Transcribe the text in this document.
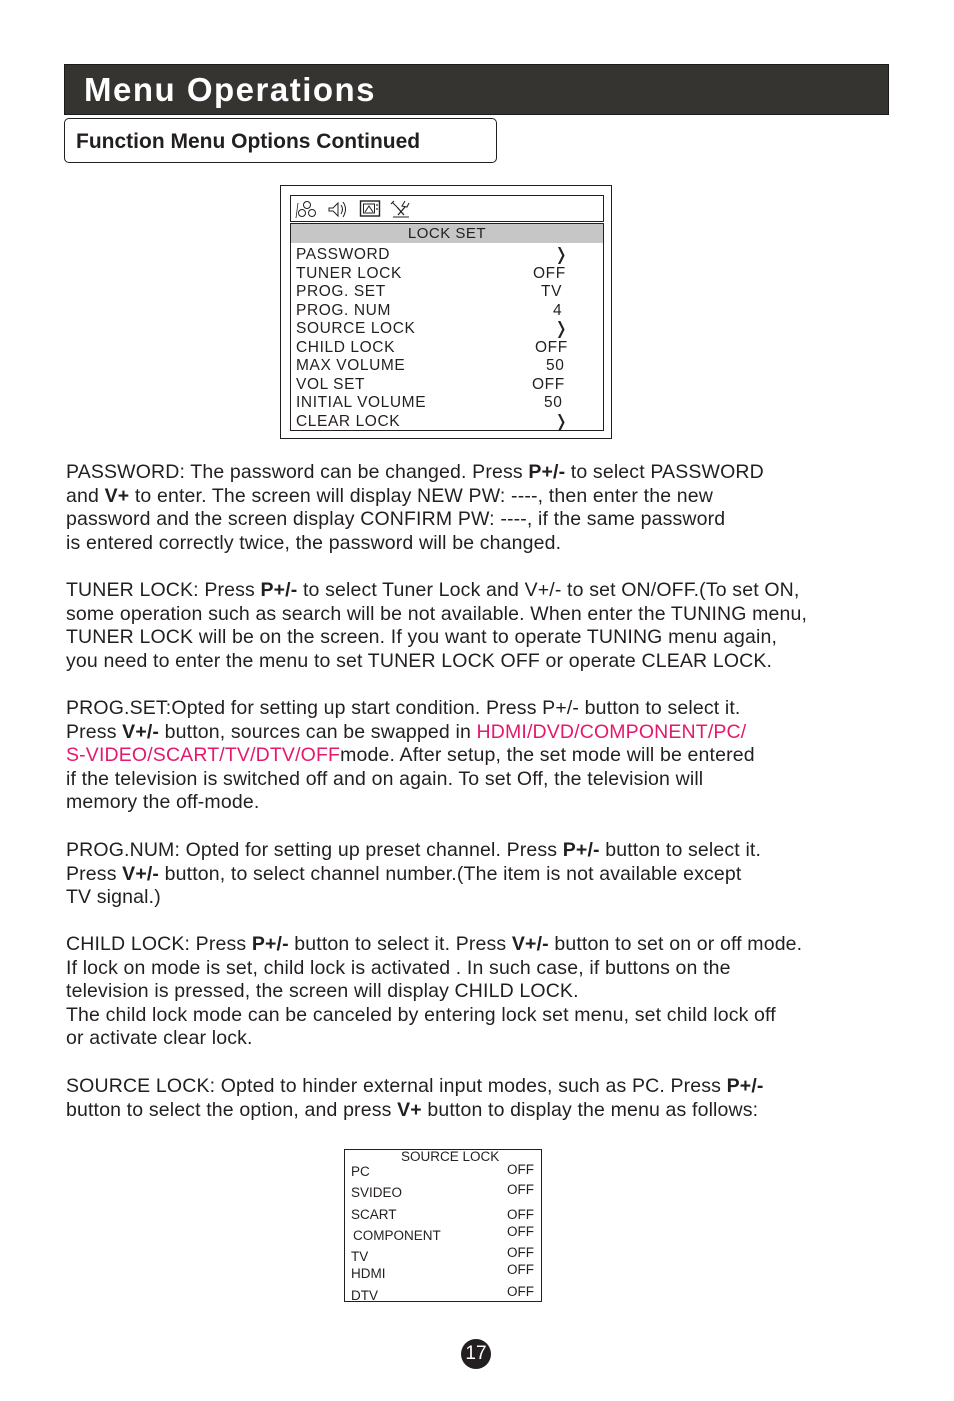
Menu Operations
Function Menu Options Continued
LOCK SET
PASSWORD	❭
TUNER LOCK	OFF
PROG. SET	TV
PROG. NUM	4
SOURCE LOCK	❭
CHILD LOCK	OFF
MAX VOLUME	50
VOL SET	OFF
INITIAL VOLUME	50
CLEAR LOCK	❭
PASSWORD: The password can be changed. Press P+/- to select PASSWORD
and V+ to enter. The screen will display NEW PW: ----, then enter the new
password and the screen display CONFIRM PW: ----, if the same password
is entered correctly twice, the password will be changed.
TUNER LOCK: Press P+/- to select Tuner Lock and V+/- to set ON/OFF.(To set ON,
some operation such as search will be not available. When enter the TUNING menu,
TUNER LOCK will be on the screen. If you want to operate TUNING menu again,
you need to enter the menu to set TUNER LOCK OFF or operate CLEAR LOCK.
PROG.SET:Opted for setting up start condition. Press P+/- button to select it.
Press V+/- button, sources can be swapped in HDMI/DVD/COMPONENT/PC/
S-VIDEO/SCART/TV/DTV/OFFmode. After setup, the set mode will be entered
if the television is switched off and on again. To set Off, the television will
memory the off-mode.
PROG.NUM: Opted for setting up preset channel. Press P+/- button to select it.
Press V+/- button, to select channel number.(The item is not available except
TV signal.)
CHILD LOCK: Press P+/- button to select it. Press V+/- button to set on or off mode.
If lock on mode is set, child lock is activated . In such case, if buttons on the
television is pressed, the screen will display CHILD LOCK.
The child lock mode can be canceled by entering lock set menu, set child lock off
or activate clear lock.
SOURCE LOCK: Opted to hinder external input modes, such as PC. Press P+/-
button to select the option, and press V+ button to display the menu as follows:
SOURCE LOCK
PC	OFF
SVIDEO	OFF
SCART	OFF
COMPONENT	OFF
TV	OFF
HDMI	OFF
DTV	OFF
17
